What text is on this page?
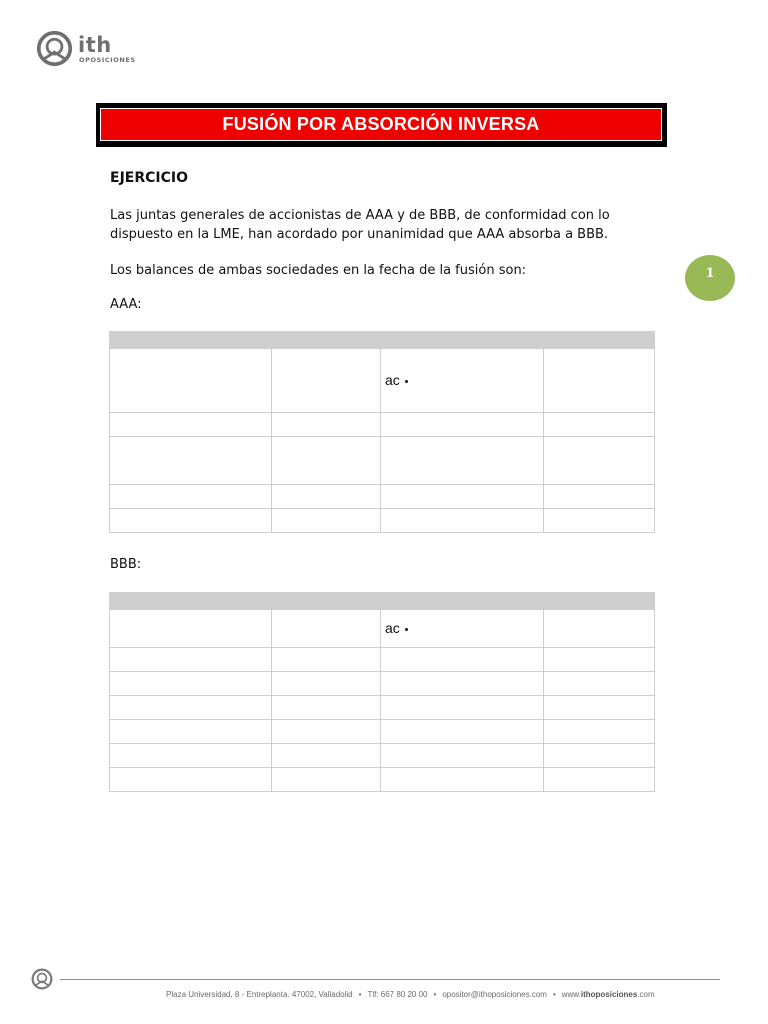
ith
OPOSICIONES
FUSIÓN POR ABSORCIÓN INVERSA
EJERCICIO
Las juntas generales de accionistas de AAA y de BBB, de conformidad con lo dispuesto en la LME, han acordado por unanimidad que AAA absorba a BBB.
Los balances de ambas sociedades en la fecha de la fusión son:	1
AAA:

		ac	

BBB:

		ac	

Plaza Universidad, 8 - Entreplanta. 47002, Valladolid • Tlf: 667 80 20 00 • opositor@ithoposiciones.com • www.ithoposiciones.com
